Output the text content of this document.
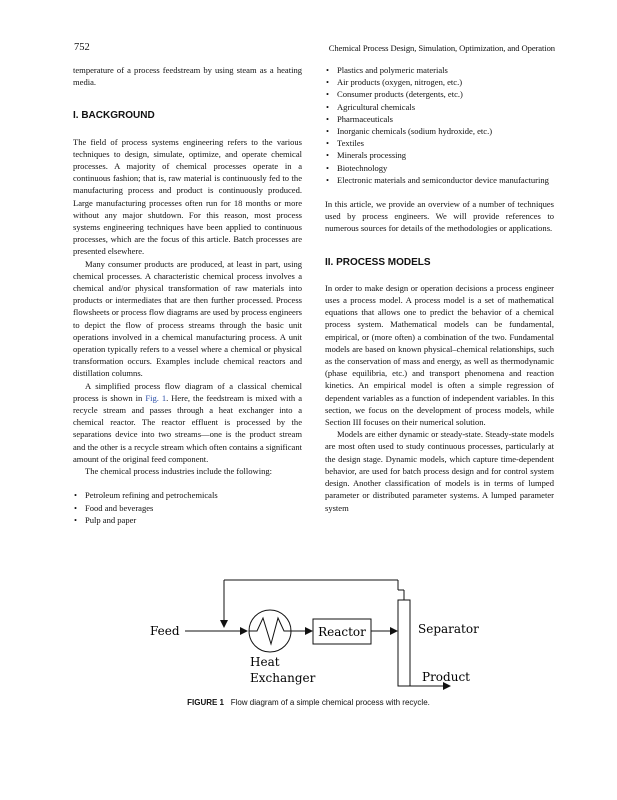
752	Chemical Process Design, Simulation, Optimization, and Operation

temperature of a process feedstream by using steam as a heating media.

I. BACKGROUND

The field of process systems engineering refers to the various techniques to design, simulate, optimize, and operate chemical processes. A majority of chemical processes operate in a continuous fashion; that is, raw material is continuously fed to the manufacturing process and product is continuously produced. Large manufacturing processes often run for 18 months or more without any major shutdown. For this reason, most process systems engineering techniques have been applied to continuous processes, which are the focus of this article. Batch processes are presented elsewhere.

Many consumer products are produced, at least in part, using chemical processes. A characteristic chemical process involves a chemical and/or physical transformation of raw materials into products or intermediates that are then further processed. Process flowsheets or process flow diagrams are used by process engineers to depict the flow of process streams through the basic unit operations involved in a chemical manufacturing process. A unit operation typically refers to a vessel where a chemical or physical transformation occurs. Examples include chemical reactors and distillation columns.

A simplified process flow diagram of a classical chemical process is shown in Fig. 1. Here, the feedstream is mixed with a recycle stream and passes through a heat exchanger into a chemical reactor. The reactor effluent is processed by the separations device into two streams—one is the product stream and the other is a recycle stream which often contains a significant amount of the original feed component.

The chemical process industries include the following:

• Petroleum refining and petrochemicals
• Food and beverages
• Pulp and paper
• Plastics and polymeric materials
• Air products (oxygen, nitrogen, etc.)
• Consumer products (detergents, etc.)
• Agricultural chemicals
• Pharmaceuticals
• Inorganic chemicals (sodium hydroxide, etc.)
• Textiles
• Minerals processing
• Biotechnology
• Electronic materials and semiconductor device manufacturing

In this article, we provide an overview of a number of techniques used by process engineers. We will provide references to numerous sources for details of the methodologies or applications.

II. PROCESS MODELS

In order to make design or operation decisions a process engineer uses a process model. A process model is a set of mathematical equations that allows one to predict the behavior of a chemical process system. Mathematical models can be fundamental, empirical, or (more often) a combination of the two. Fundamental models are based on known physical–chemical relationships, such as the conservation of mass and energy, as well as thermodynamic (phase equilibria, etc.) and transport phenomena and reaction kinetics. An empirical model is often a simple regression of dependent variables as a function of independent variables. In this section, we focus on the development of process models, while Section III focuses on their numerical solution.

Models are either dynamic or steady-state. Steady-state models are most often used to study continuous processes, particularly at the design stage. Dynamic models, which capture time-dependent behavior, are used for batch process design and for control system design. Another classification of models is in terms of lumped parameter or distributed parameter systems. A lumped parameter system

Feed	Reactor	Separator
Heat
Exchanger	Product
FIGURE 1 Flow diagram of a simple chemical process with recycle.
